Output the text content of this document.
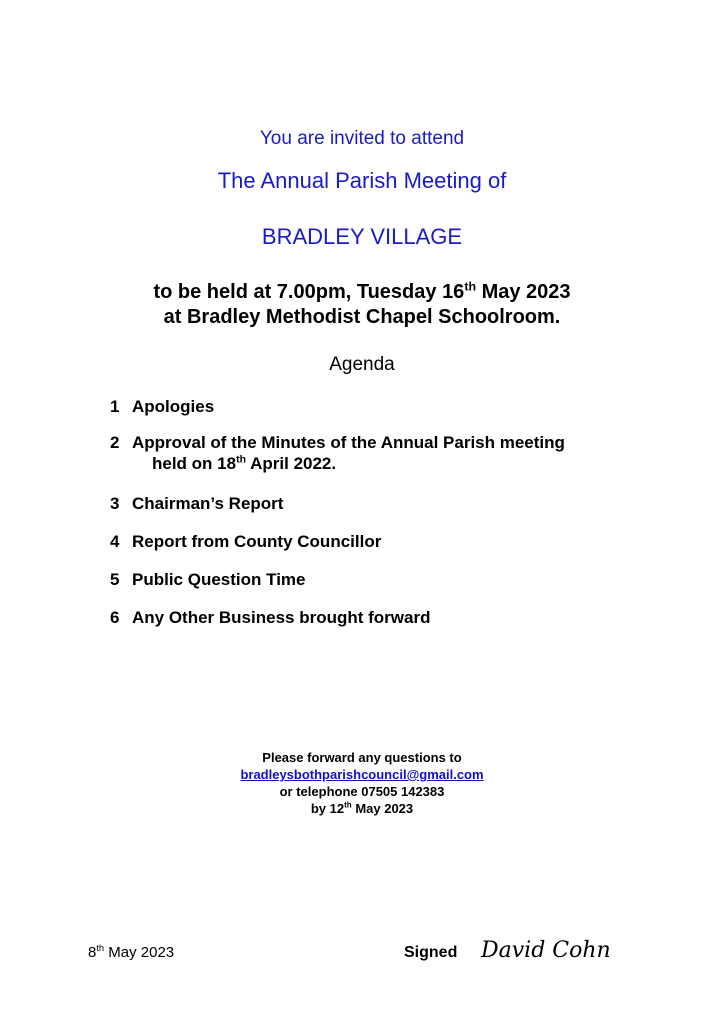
You are invited to attend
The Annual Parish Meeting of
BRADLEY VILLAGE
to be held at 7.00pm, Tuesday 16th May 2023
at Bradley Methodist Chapel Schoolroom.
Agenda
1 Apologies
2 Approval of the Minutes of the Annual Parish meeting
held on 18th April 2022.
3 Chairman’s Report
4 Report from County Councillor
5 Public Question Time
6 Any Other Business brought forward
Please forward any questions to
bradleysbothparishcouncil@gmail.com
or telephone 07505 142383
by 12th May 2023
8th May 2023	Signed David Cohn
